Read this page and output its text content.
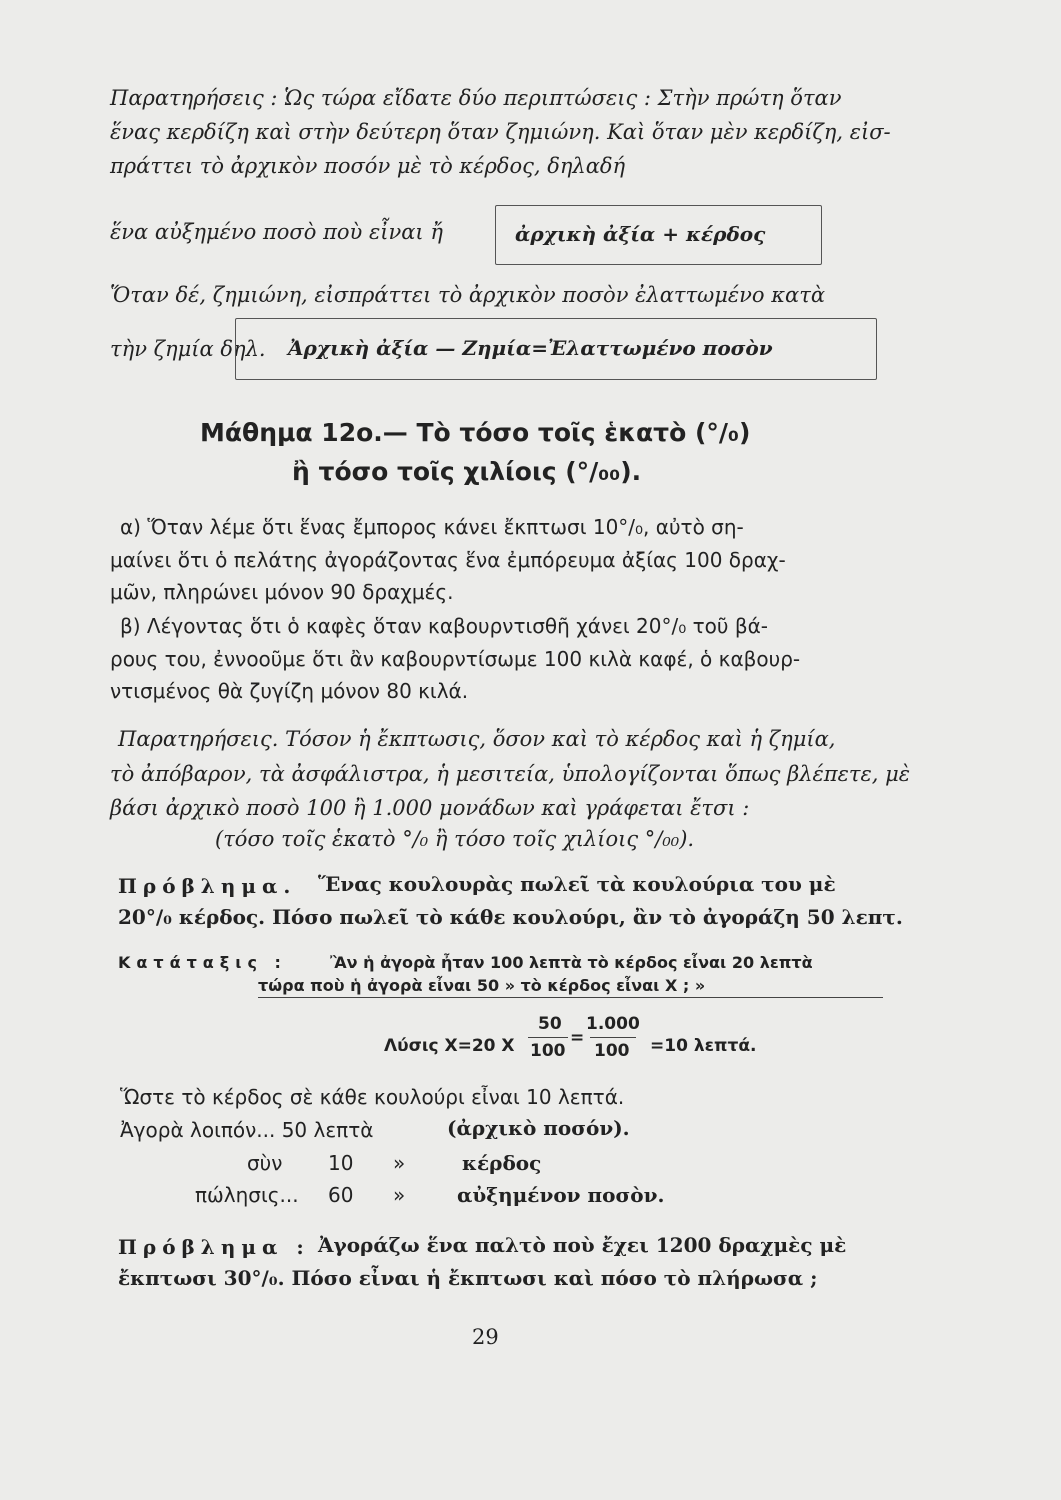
Παρατηρήσεις : Ὡς τώρα εἴδατε δύο περιπτώσεις : Στὴν πρώτη ὅταν
ἕνας κερδίζη καὶ στὴν δεύτερη ὅταν ζημιώνη. Καὶ ὅταν μὲν κερδίζη, εἰσ-
πράττει τὸ ἀρχικὸν ποσόν μὲ τὸ κέρδος, δηλαδή
ἕνα αὐξημένο ποσὸ ποὺ εἶναι ἤ	ἀρχικὴ ἀξία + κέρδος
Ὅταν δέ, ζημιώνη, εἰσπράττει τὸ ἀρχικὸν ποσὸν ἐλαττωμένο κατὰ
τὴν ζημία δηλ. Ἀρχικὴ ἀξία — Ζημία=Ἐλαττωμένο ποσὸν
Μάθημα 12ο.— Τὸ τόσο τοῖς ἑκατὸ (°/₀)
ἢ τόσο τοῖς χιλίοις (°/₀₀).
α) Ὅταν λέμε ὅτι ἕνας ἔμπορος κάνει ἔκπτωσι 10°/₀, αὐτὸ ση-
μαίνει ὅτι ὁ πελάτης ἀγοράζοντας ἕνα ἐμπόρευμα ἀξίας 100 δραχ-
μῶν, πληρώνει μόνον 90 δραχμές.
β) Λέγοντας ὅτι ὁ καφὲς ὅταν καβουρντισθῆ χάνει 20°/₀ τοῦ βά-
ρους του, ἐννοοῦμε ὅτι ἂν καβουρντίσωμε 100 κιλὰ καφέ, ὁ καβουρ-
ντισμένος θὰ ζυγίζη μόνον 80 κιλά.
Παρατηρήσεις. Τόσον ἡ ἔκπτωσις, ὅσον καὶ τὸ κέρδος καὶ ἡ ζημία,
τὸ ἀπόβαρον, τὰ ἀσφάλιστρα, ἡ μεσιτεία, ὑπολογίζονται ὅπως βλέπετε, μὲ
βάσι ἀρχικὸ ποσὸ 100 ἢ 1.000 μονάδων καὶ γράφεται ἔτσι :
(τόσο τοῖς ἑκατὸ °/₀ ἢ τόσο τοῖς χιλίοις °/₀₀).
Πρόβλημα. Ἕνας κουλουρὰς πωλεῖ τὰ κουλούρια του μὲ
20°/₀ κέρδος. Πόσο πωλεῖ τὸ κάθε κουλούρι, ἂν τὸ ἀγοράζη 50 λεπτ.
Κατάταξις :	Ἂν ἡ ἀγορὰ ἦταν 100 λεπτὰ τὸ κέρδος εἶναι 20 λεπτὰ
τώρα ποὺ ἡ ἀγορὰ εἶναι 50 » τὸ κέρδος εἶναι Χ ; »
Λύσις Χ=20 Χ
50
100
=
1.000
100 =10 λεπτά.
Ὥστε τὸ κέρδος σὲ κάθε κουλούρι εἶναι 10 λεπτά.
Ἀγορὰ λοιπόν... 50 λεπτὰ	(ἀρχικὸ ποσόν).
σὺν 10 »	κέρδος
πώλησις... 60 »	αὐξημένον ποσὸν.
Πρόβλημα : Ἀγοράζω ἕνα παλτὸ ποὺ ἔχει 1200 δραχμὲς μὲ
ἔκπτωσι 30°/₀. Πόσο εἶναι ἡ ἔκπτωσι καὶ πόσο τὸ πλήρωσα ;
29
